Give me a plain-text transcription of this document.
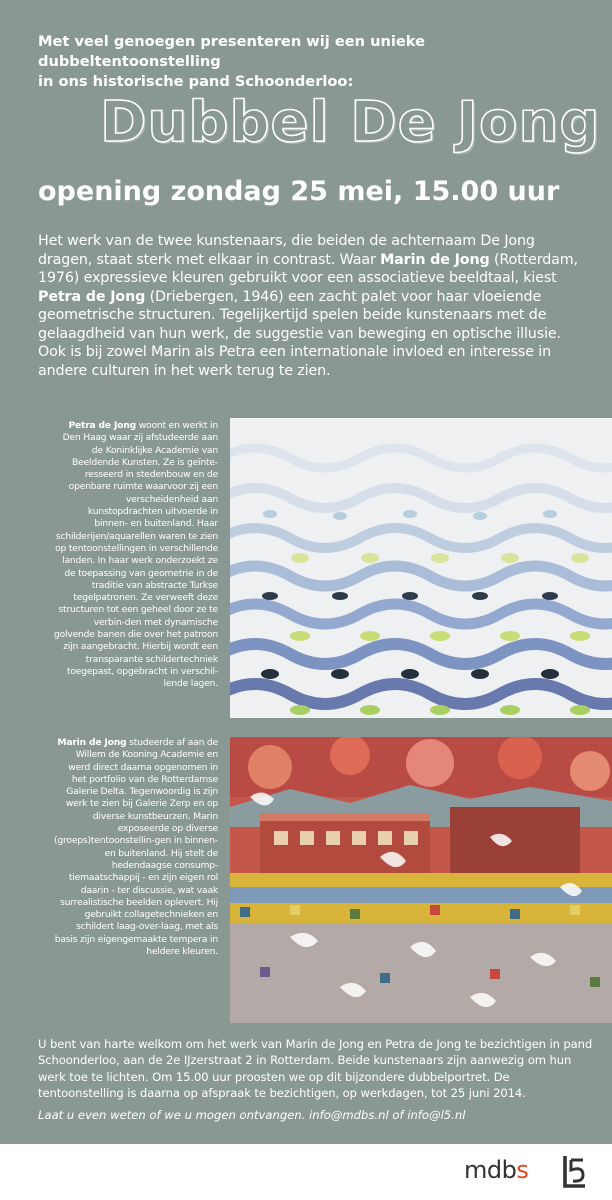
Met veel genoegen presenteren wij een unieke dubbeltentoonstelling
in ons historische pand Schoonderloo:

Dubbel De Jong
opening zondag 25 mei, 15.00 uur

Het werk van de twee kunstenaars, die beiden de achternaam De Jong dragen, staat sterk met elkaar in contrast. Waar Marin de Jong (Rotterdam, 1976) expressieve kleuren gebruikt voor een associatieve beeldtaal, kiest Petra de Jong (Driebergen, 1946) een zacht palet voor haar vloeiende geometrische structuren. Tegelijkertijd spelen beide kunstenaars met de gelaagdheid van hun werk, de suggestie van beweging en optische illusie. Ook is bij zowel Marin als Petra een internationale invloed en interesse in andere culturen in het werk terug te zien.

Petra de Jong woont en werkt in Den Haag waar zij afstudeerde aan de Koninklijke Academie van Beeldende Kunsten. Ze is geïnte-resseerd in stedenbouw en de openbare ruimte waarvoor zij een verscheidenheid aan kunstopdrachten uitvoerde in binnen- en buitenland. Haar schilderijen/aquarellen waren te zien op tentoonstellingen in verschillende landen. In haar werk onderzoekt ze de toepassing van geometrie in de traditie van abstracte Turkse tegelpatronen. Ze verweeft deze structuren tot een geheel door ze te verbin-den met dynamische golvende banen die over het patroon zijn aangebracht. Hierbij wordt een transparante schildertechniek toegepast, opgebracht in verschil-lende lagen.

Marin de Jong studeerde af aan de Willem de Kooning Academie en werd direct daarna opgenomen in het portfolio van de Rotterdamse Galerie Delta. Tegenwoordig is zijn werk te zien bij Galerie Zerp en op diverse kunstbeurzen. Marin exposeerde op diverse (groeps)tentoonstellin-gen in binnen- en buitenland. Hij stelt de hedendaagse consump-tiemaatschappij - en zijn eigen rol daarin - ter discussie, wat vaak surrealistische beelden oplevert. Hij gebruikt collagetechnieken en schildert laag-over-laag, met als basis zijn eigengemaakte tempera in heldere kleuren.

U bent van harte welkom om het werk van Marin de Jong en Petra de Jong te bezichtigen in pand Schoonderloo, aan de 2e IJzerstraat 2 in Rotterdam. Beide kunstenaars zijn aanwezig om hun werk toe te lichten. Om 15.00 uur proosten we op dit bijzondere dubbelportret. De tentoonstelling is daarna op afspraak te bezichtigen, op werkdagen, tot 25 juni 2014.

Laat u even weten of we u mogen ontvangen. info@mdbs.nl of info@l5.nl

mdbs
